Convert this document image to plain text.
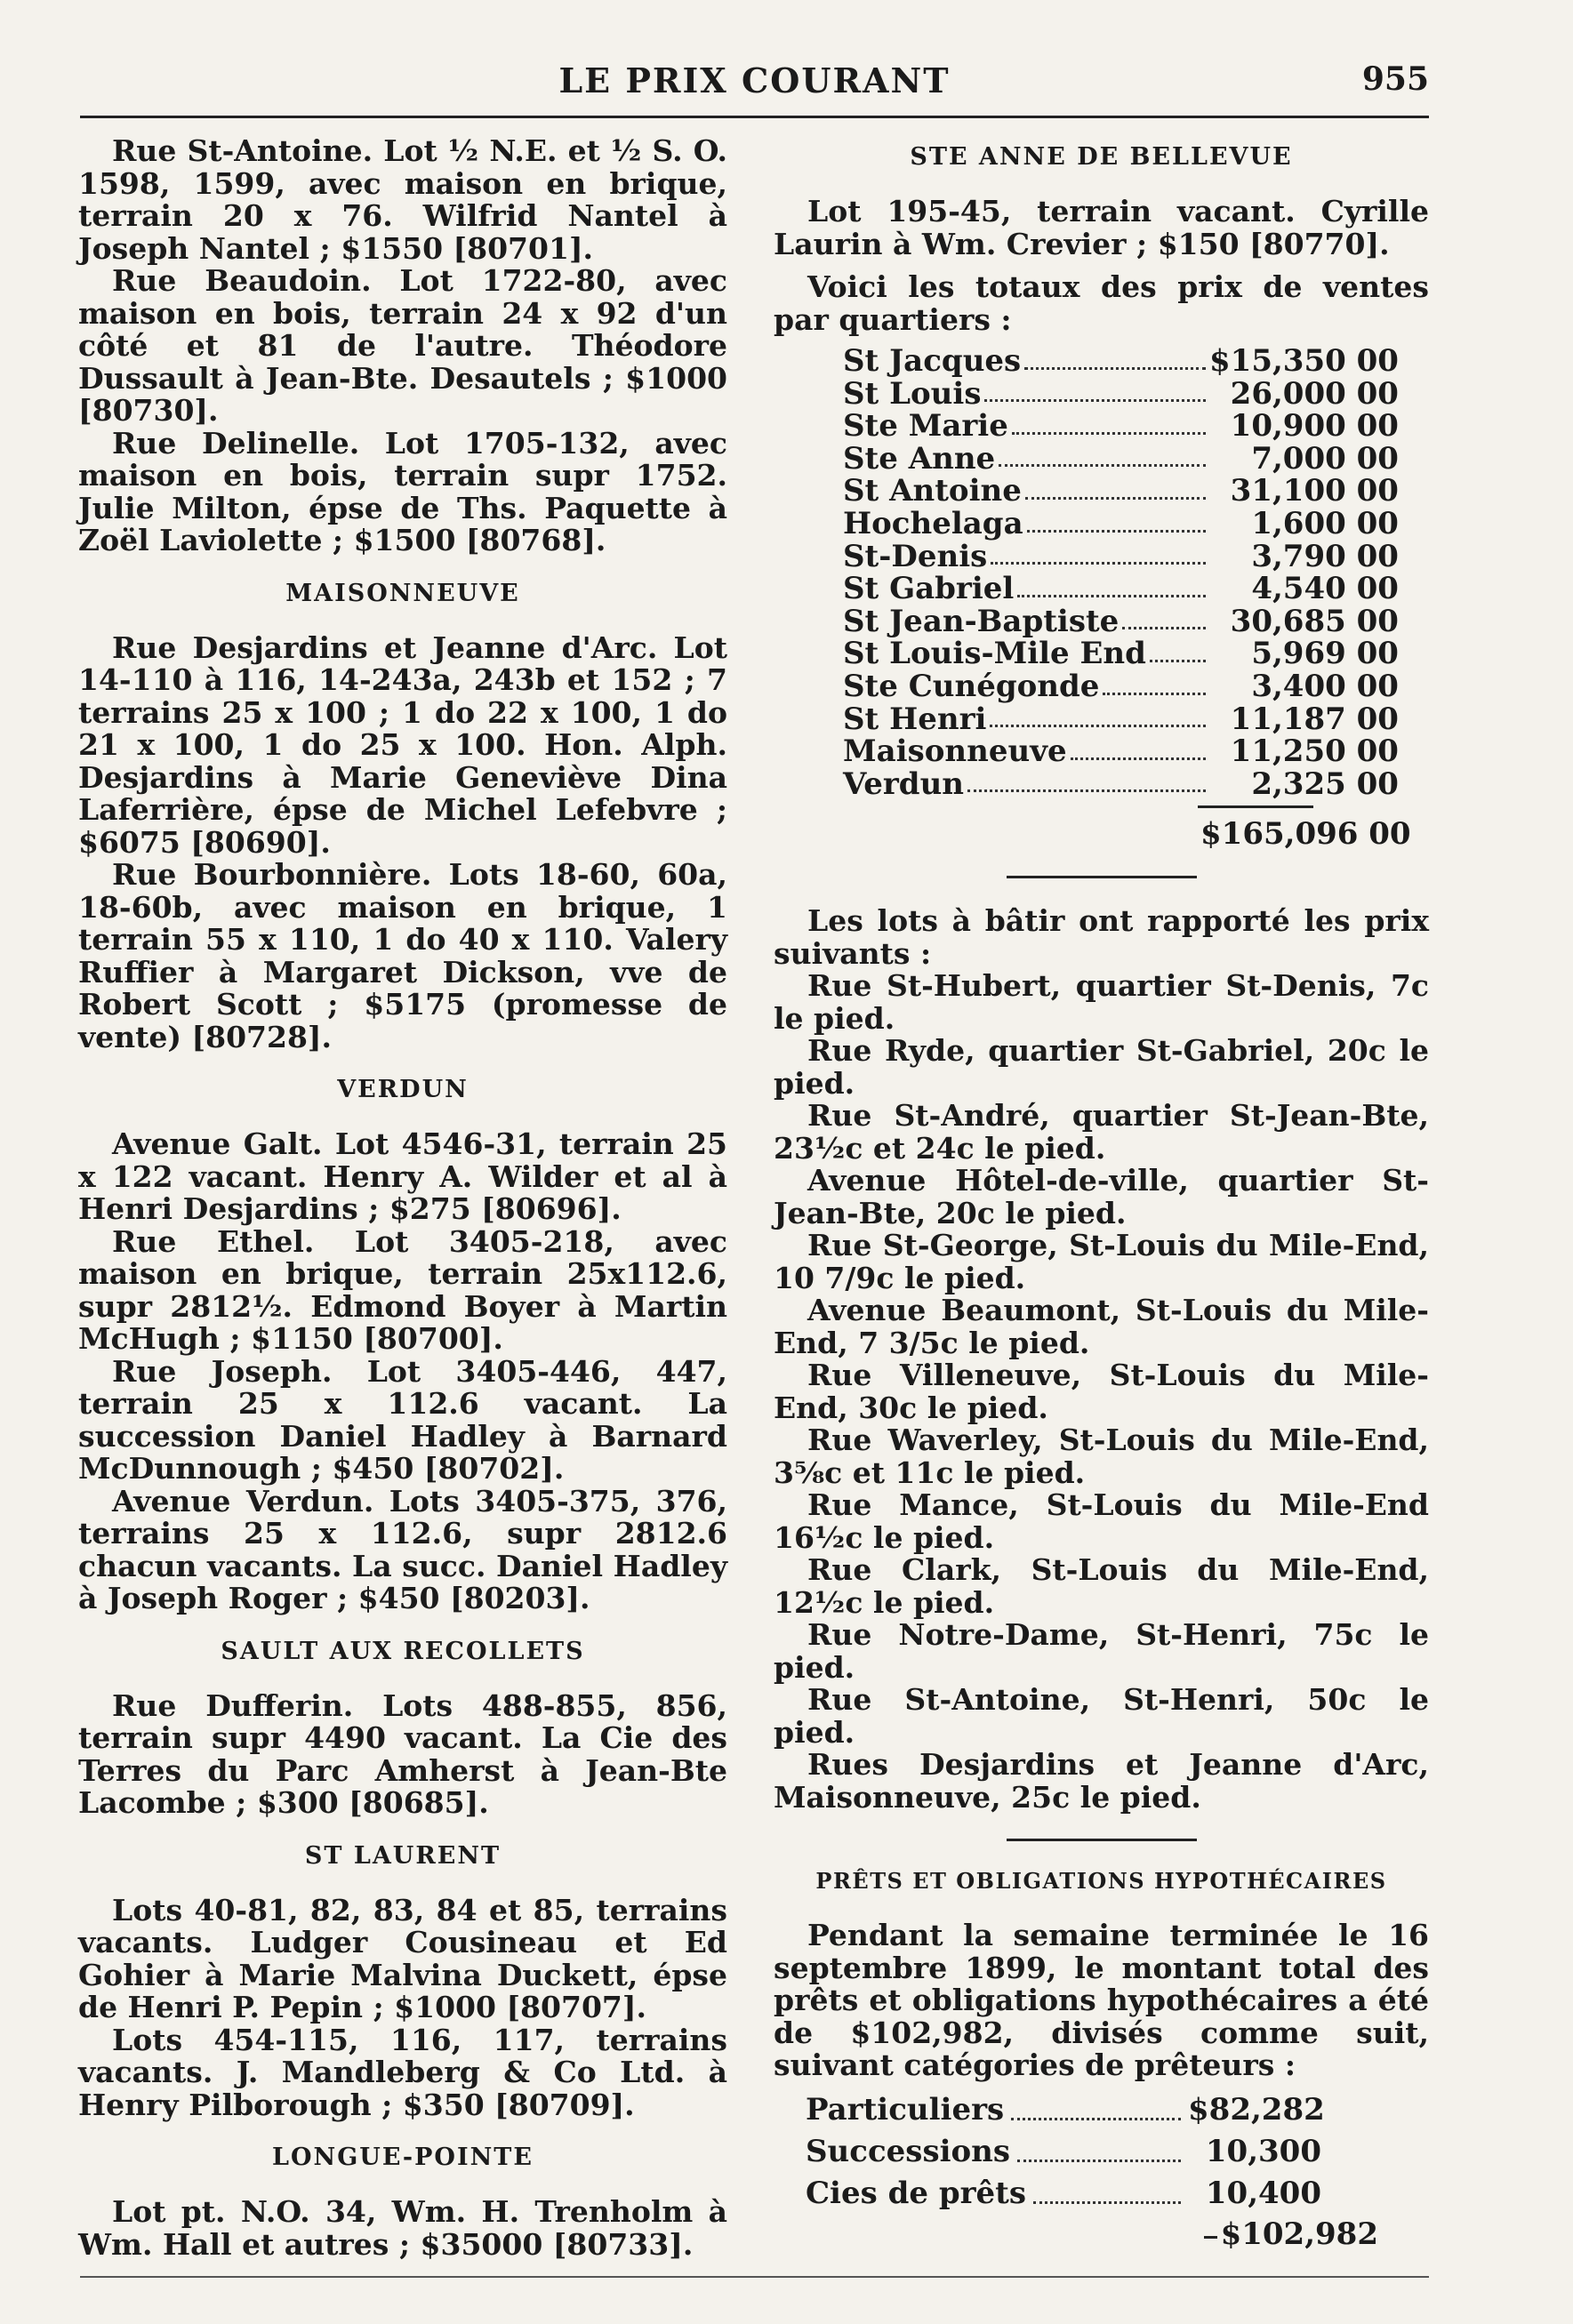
LE PRIX COURANT	955

Rue St-Antoine. Lot ½ N.E. et ½ S. O. 1598, 1599, avec maison en brique, terrain 20 x 76. Wilfrid Nantel à Joseph Nantel ; $1550 [80701].

Rue Beaudoin. Lot 1722-80, avec maison en bois, terrain 24 x 92 d'un côté et 81 de l'autre. Théodore Dussault à Jean-Bte. Desautels ; $1000 [80730].

Rue Delinelle. Lot 1705-132, avec maison en bois, terrain supr 1752. Julie Milton, épse de Ths. Paquette à Zoël Laviolette ; $1500 [80768].

MAISONNEUVE

Rue Desjardins et Jeanne d'Arc. Lot 14-110 à 116, 14-243a, 243b et 152 ; 7 terrains 25 x 100 ; 1 do 22 x 100, 1 do 21 x 100, 1 do 25 x 100. Hon. Alph. Desjardins à Marie Geneviève Dina Laferrière, épse de Michel Lefebvre ; $6075 [80690].

Rue Bourbonnière. Lots 18-60, 60a, 18-60b, avec maison en brique, 1 terrain 55 x 110, 1 do 40 x 110. Valery Ruffier à Margaret Dickson, vve de Robert Scott ; $5175 (promesse de vente) [80728].

VERDUN

Avenue Galt. Lot 4546-31, terrain 25 x 122 vacant. Henry A. Wilder et al à Henri Desjardins ; $275 [80696].

Rue Ethel. Lot 3405-218, avec maison en brique, terrain 25x112.6, supr 2812½. Edmond Boyer à Martin McHugh ; $1150 [80700].

Rue Joseph. Lot 3405-446, 447, terrain 25 x 112.6 vacant. La succession Daniel Hadley à Barnard McDunnough ; $450 [80702].

Avenue Verdun. Lots 3405-375, 376, terrains 25 x 112.6, supr 2812.6 chacun vacants. La succ. Daniel Hadley à Joseph Roger ; $450 [80203].

SAULT AUX RECOLLETS

Rue Dufferin. Lots 488-855, 856, terrain supr 4490 vacant. La Cie des Terres du Parc Amherst à Jean-Bte Lacombe ; $300 [80685].

ST LAURENT

Lots 40-81, 82, 83, 84 et 85, terrains vacants. Ludger Cousineau et Ed Gohier à Marie Malvina Duckett, épse de Henri P. Pepin ; $1000 [80707].

Lots 454-115, 116, 117, terrains vacants. J. Mandleberg & Co Ltd. à Henry Pilborough ; $350 [80709].

LONGUE-POINTE

Lot pt. N.O. 34, Wm. H. Trenholm à Wm. Hall et autres ; $35000 [80733].

STE ANNE DE BELLEVUE

Lot 195-45, terrain vacant. Cyrille Laurin à Wm. Crevier ; $150 [80770].

Voici les totaux des prix de ventes par quartiers :

St Jacques	$15,350 00

St Louis	26,000 00

Ste Marie	10,900 00

Ste Anne	7,000 00

St Antoine	31,100 00

Hochelaga	1,600 00

St-Denis	3,790 00

St Gabriel	4,540 00

St Jean-Baptiste	30,685 00

St Louis-Mile End	5,969 00

Ste Cunégonde	3,400 00

St Henri	11,187 00

Maisonneuve	11,250 00

Verdun	2,325 00
$165,096 00

Les lots à bâtir ont rapporté les prix suivants :

Rue St-Hubert, quartier St-Denis, 7c le pied.

Rue Ryde, quartier St-Gabriel, 20c le pied.

Rue St-André, quartier St-Jean-Bte, 23½c et 24c le pied.

Avenue Hôtel-de-ville, quartier St-Jean-Bte, 20c le pied.

Rue St-George, St-Louis du Mile-End, 10 7/9c le pied.

Avenue Beaumont, St-Louis du Mile-End, 7 3/5c le pied.

Rue Villeneuve, St-Louis du Mile-End, 30c le pied.

Rue Waverley, St-Louis du Mile-End, 3⅝c et 11c le pied.

Rue Mance, St-Louis du Mile-End 16½c le pied.

Rue Clark, St-Louis du Mile-End, 12½c le pied.

Rue Notre-Dame, St-Henri, 75c le pied.

Rue St-Antoine, St-Henri, 50c le pied.

Rues Desjardins et Jeanne d'Arc, Maisonneuve, 25c le pied.

PRÊTS ET OBLIGATIONS HYPOTHÉCAIRES

Pendant la semaine terminée le 16 septembre 1899, le montant total des prêts et obligations hypothécaires a été de $102,982, divisés comme suit, suivant catégories de prêteurs :

Particuliers	$82,282
Successions	10,300
Cies de prêts	10,400
$102,982
